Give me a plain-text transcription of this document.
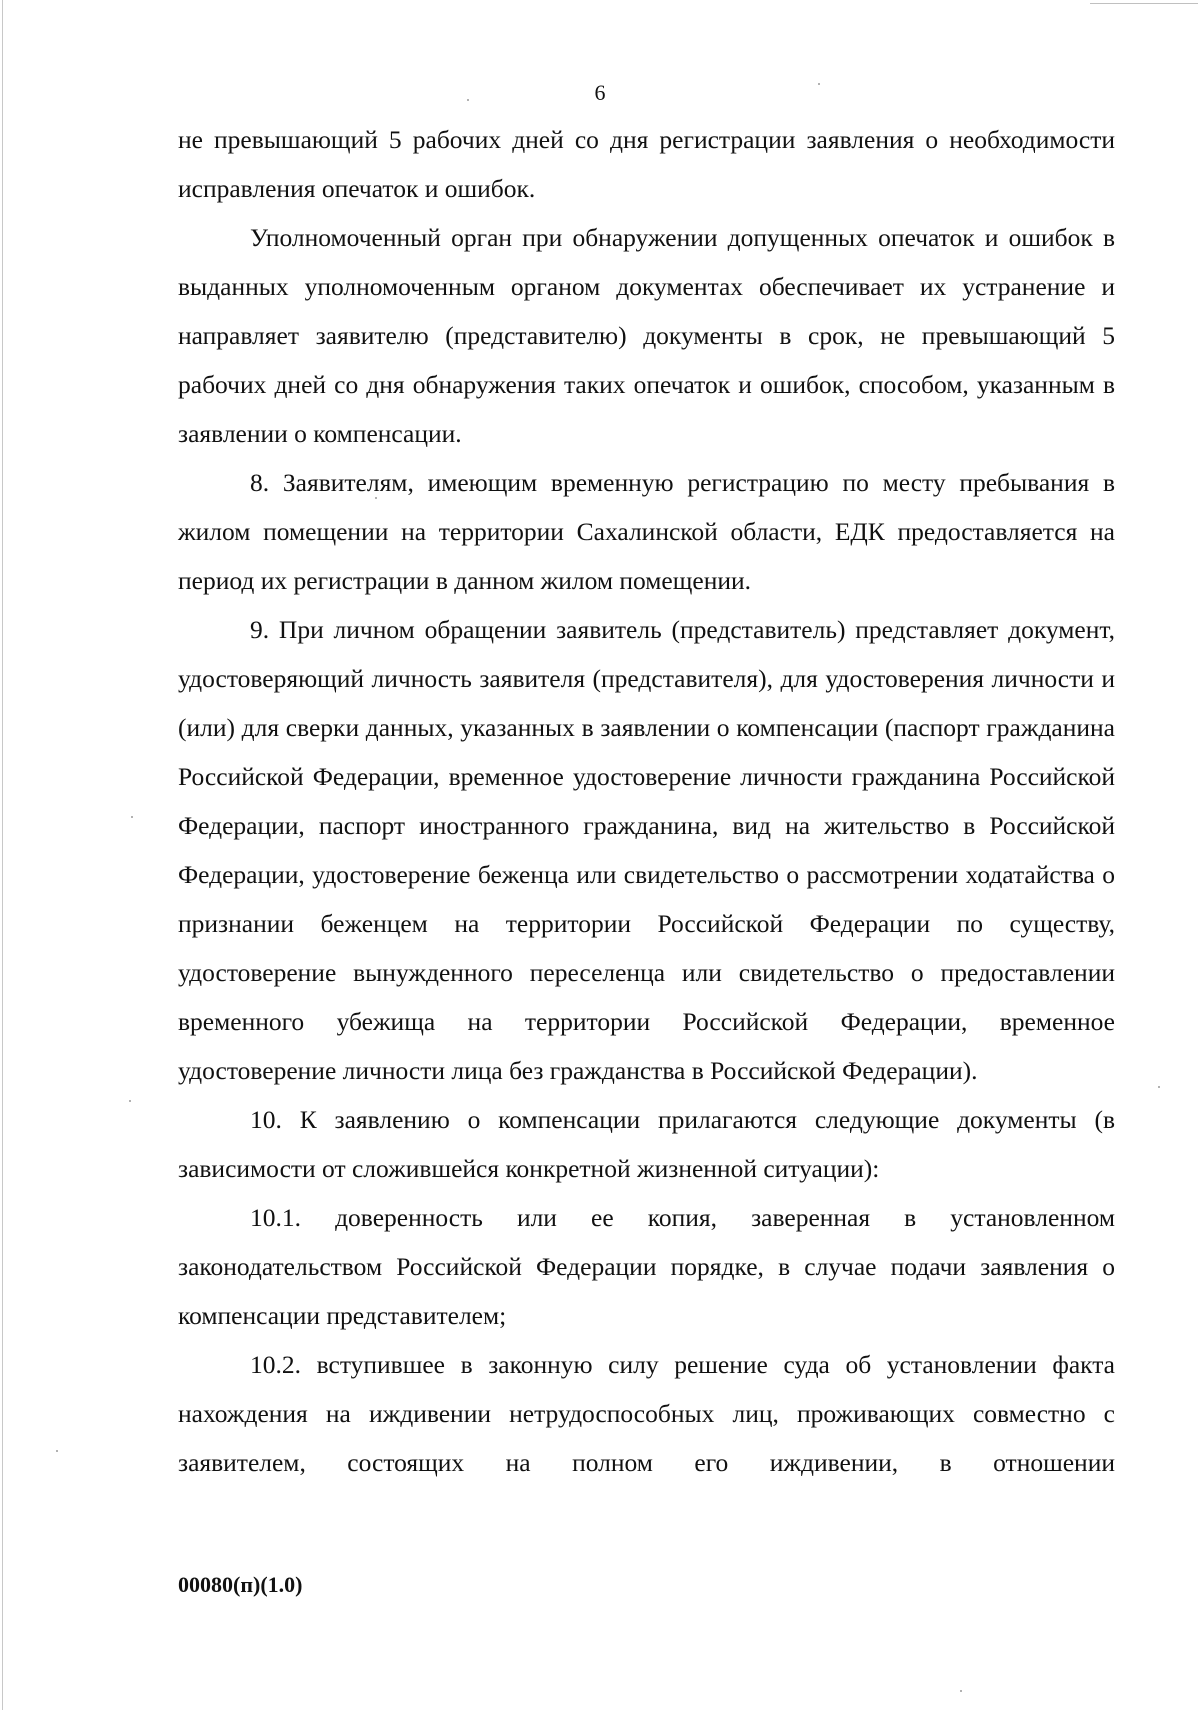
6

не превышающий 5 рабочих дней со дня регистрации заявления о необходимости исправления опечаток и ошибок.

Уполномоченный орган при обнаружении допущенных опечаток и ошибок в выданных уполномоченным органом документах обеспечивает их устранение и направляет заявителю (представителю) документы в срок, не превышающий 5 рабочих дней со дня обнаружения таких опечаток и ошибок, способом, указанным в заявлении о компенсации.

8. Заявителям, имеющим временную регистрацию по месту пребывания в жилом помещении на территории Сахалинской области, ЕДК предоставляется на период их регистрации в данном жилом помещении.

9. При личном обращении заявитель (представитель) представляет документ, удостоверяющий личность заявителя (представителя), для удостоверения личности и (или) для сверки данных, указанных в заявлении о компенсации (паспорт гражданина Российской Федерации, временное удостоверение личности гражданина Российской Федерации, паспорт иностранного гражданина, вид на жительство в Российской Федерации, удостоверение беженца или свидетельство о рассмотрении ходатайства о признании беженцем на территории Российской Федерации по существу, удостоверение вынужденного переселенца или свидетельство о предоставлении временного убежища на территории Российской Федерации, временное удостоверение личности лица без гражданства в Российской Федерации).

10. К заявлению о компенсации прилагаются следующие документы (в зависимости от сложившейся конкретной жизненной ситуации):

10.1. доверенность или ее копия, заверенная в установленном законодательством Российской Федерации порядке, в случае подачи заявления о компенсации представителем;

10.2. вступившее в законную силу решение суда об установлении факта нахождения на иждивении нетрудоспособных лиц, проживающих совместно с заявителем, состоящих на полном его иждивении, в отношении

00080(п)(1.0)
